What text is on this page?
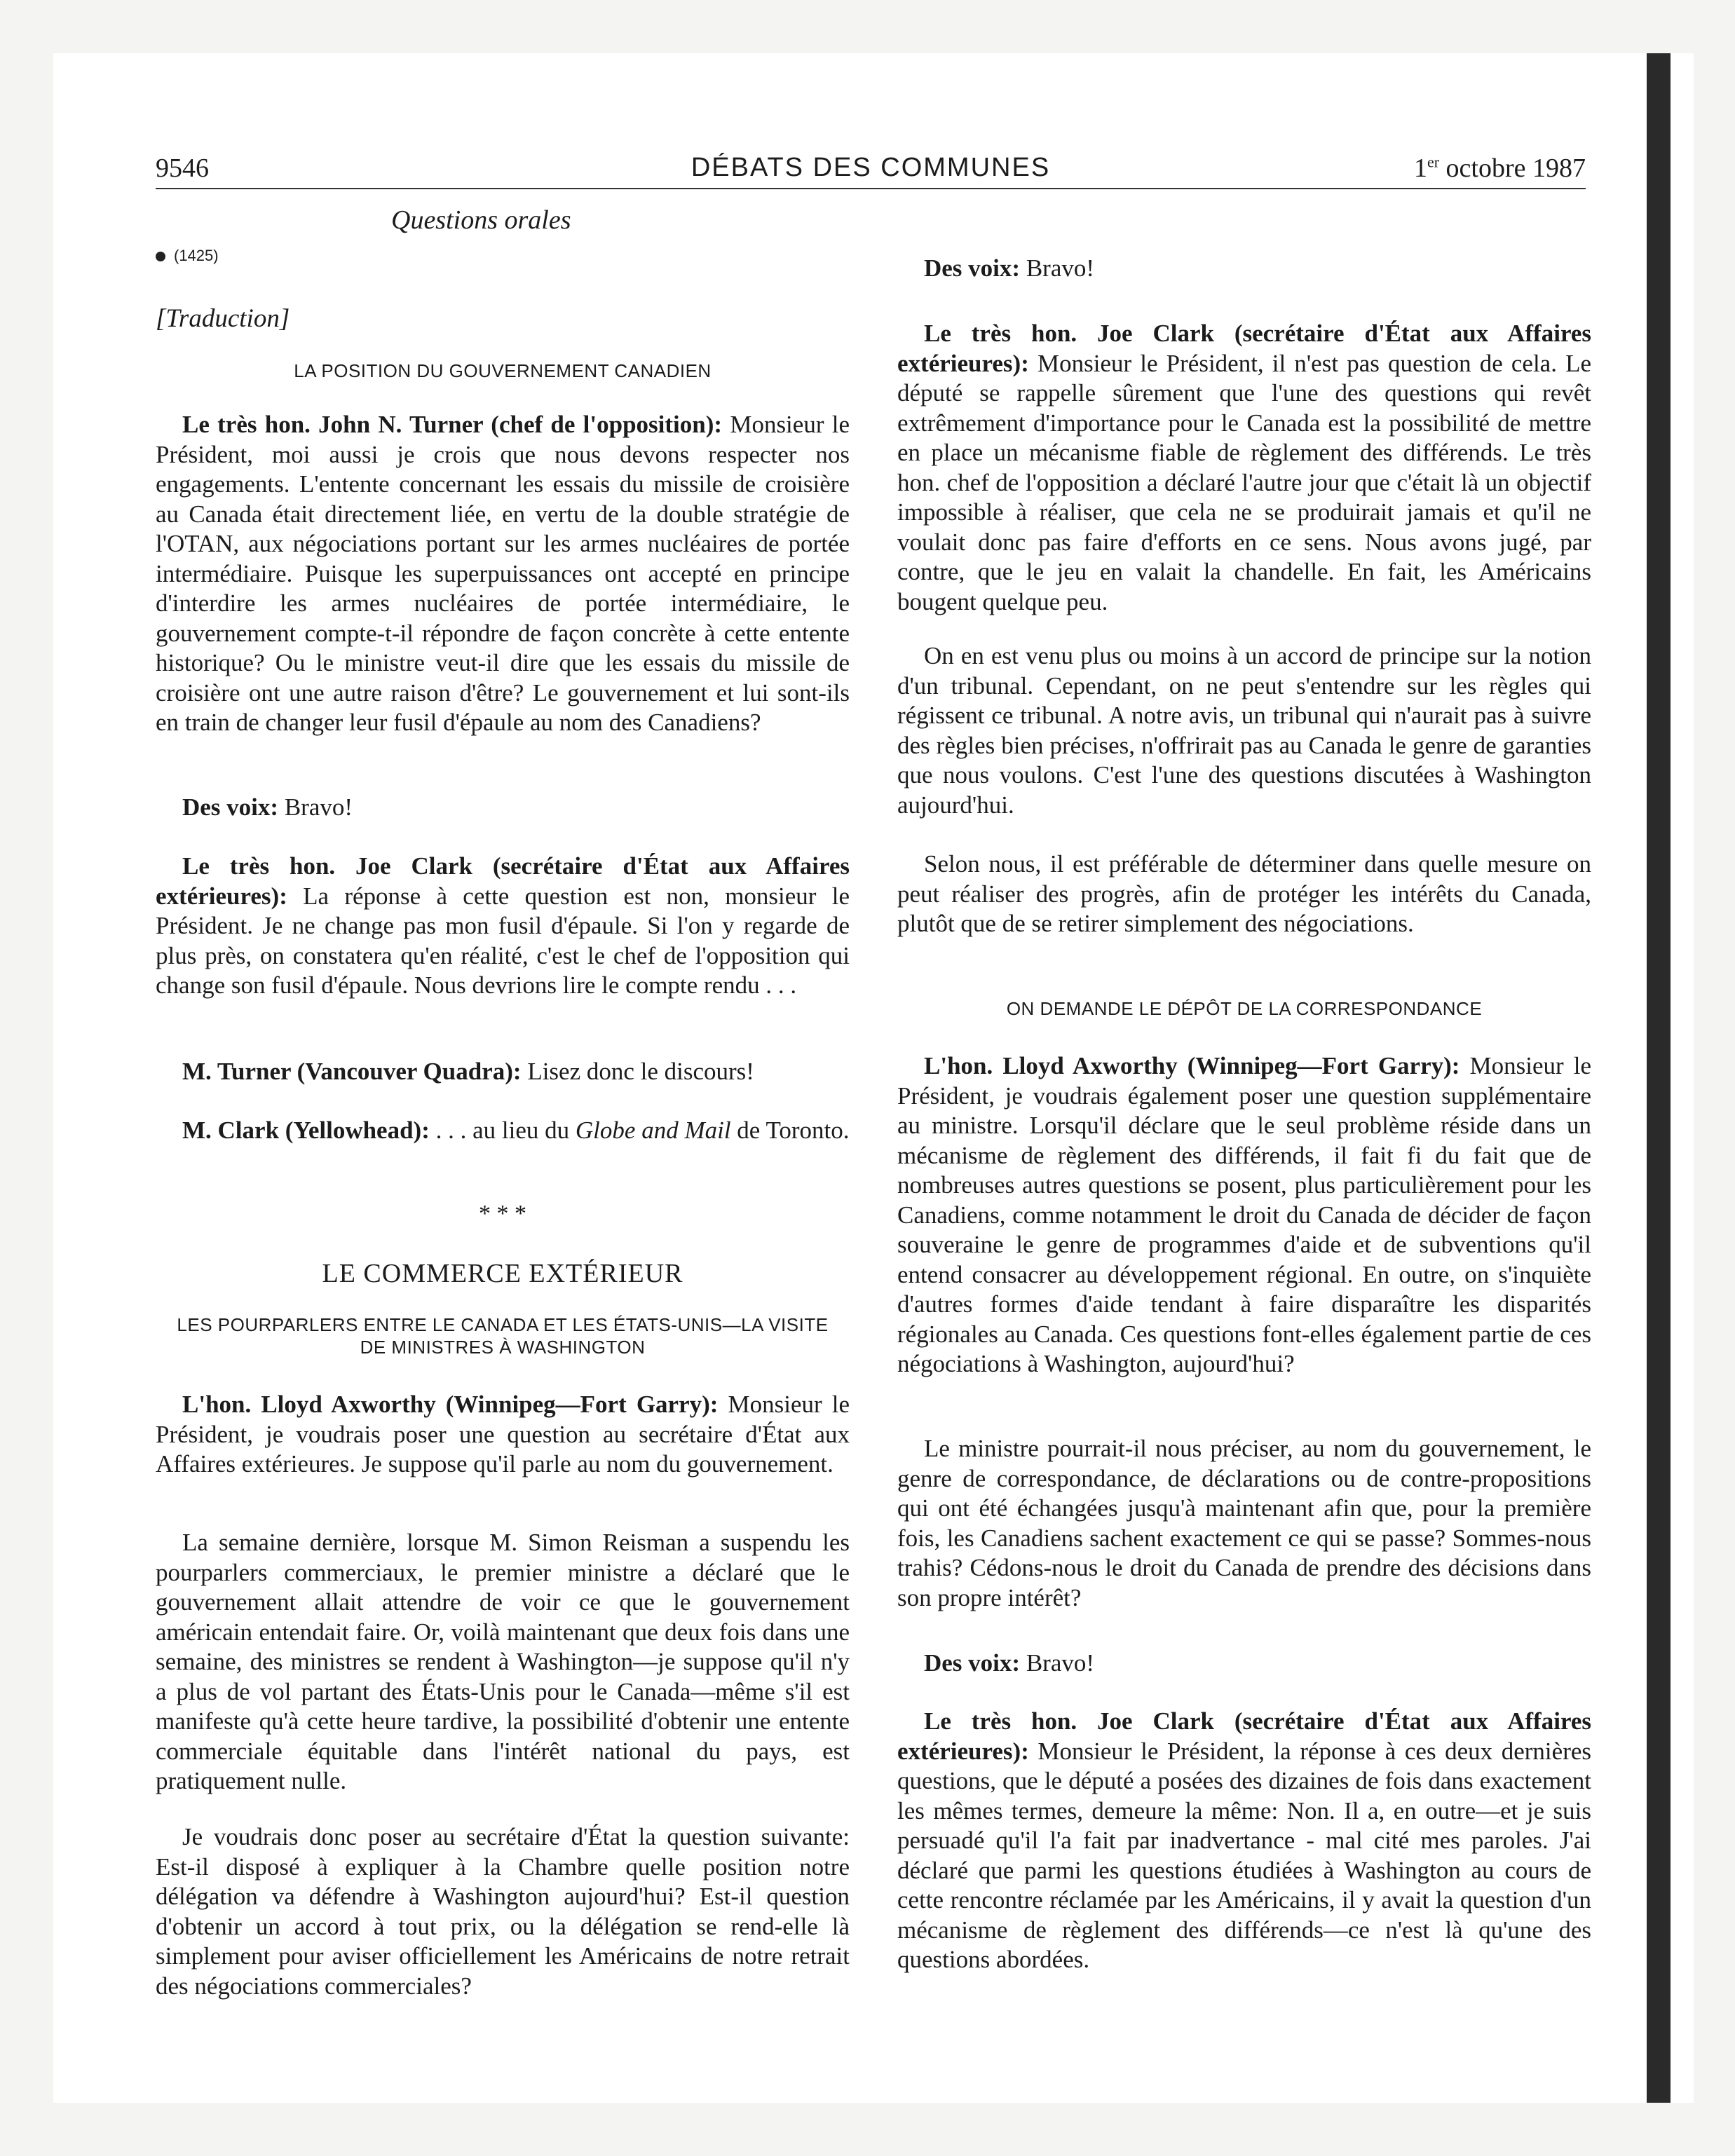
9546	DÉBATS DES COMMUNES	1er octobre 1987
Questions orales
(1425)
[Traduction]
LA POSITION DU GOUVERNEMENT CANADIEN

Le très hon. John N. Turner (chef de l'opposition): Monsieur le Président, moi aussi je crois que nous devons respecter nos engagements. L'entente concernant les essais du missile de croisière au Canada était directement liée, en vertu de la double stratégie de l'OTAN, aux négociations portant sur les armes nucléaires de portée intermédiaire. Puisque les superpuissances ont accepté en principe d'interdire les armes nucléaires de portée intermédiaire, le gouvernement compte-t-il répondre de façon concrète à cette entente historique? Ou le ministre veut-il dire que les essais du missile de croisière ont une autre raison d'être? Le gouvernement et lui sont-ils en train de changer leur fusil d'épaule au nom des Canadiens?

Des voix: Bravo!

Le très hon. Joe Clark (secrétaire d'État aux Affaires extérieures): La réponse à cette question est non, monsieur le Président. Je ne change pas mon fusil d'épaule. Si l'on y regarde de plus près, on constatera qu'en réalité, c'est le chef de l'opposition qui change son fusil d'épaule. Nous devrions lire le compte rendu . . .

M. Turner (Vancouver Quadra): Lisez donc le discours!

M. Clark (Yellowhead): . . . au lieu du Globe and Mail de Toronto.

* * *
LE COMMERCE EXTÉRIEUR
LES POURPARLERS ENTRE LE CANADA ET LES ÉTATS-UNIS—LA VISITE DE MINISTRES À WASHINGTON

L'hon. Lloyd Axworthy (Winnipeg—Fort Garry): Monsieur le Président, je voudrais poser une question au secrétaire d'État aux Affaires extérieures. Je suppose qu'il parle au nom du gouvernement.

La semaine dernière, lorsque M. Simon Reisman a suspendu les pourparlers commerciaux, le premier ministre a déclaré que le gouvernement allait attendre de voir ce que le gouvernement américain entendait faire. Or, voilà maintenant que deux fois dans une semaine, des ministres se rendent à Washington—je suppose qu'il n'y a plus de vol partant des États-Unis pour le Canada—même s'il est manifeste qu'à cette heure tardive, la possibilité d'obtenir une entente commerciale équitable dans l'intérêt national du pays, est pratiquement nulle.

Je voudrais donc poser au secrétaire d'État la question suivante: Est-il disposé à expliquer à la Chambre quelle position notre délégation va défendre à Washington aujourd'hui? Est-il question d'obtenir un accord à tout prix, ou la délégation se rend-elle là simplement pour aviser officiellement les Américains de notre retrait des négociations commerciales?

Des voix: Bravo!

Le très hon. Joe Clark (secrétaire d'État aux Affaires extérieures): Monsieur le Président, il n'est pas question de cela. Le député se rappelle sûrement que l'une des questions qui revêt extrêmement d'importance pour le Canada est la possibilité de mettre en place un mécanisme fiable de règlement des différends. Le très hon. chef de l'opposition a déclaré l'autre jour que c'était là un objectif impossible à réaliser, que cela ne se produirait jamais et qu'il ne voulait donc pas faire d'efforts en ce sens. Nous avons jugé, par contre, que le jeu en valait la chandelle. En fait, les Américains bougent quelque peu.

On en est venu plus ou moins à un accord de principe sur la notion d'un tribunal. Cependant, on ne peut s'entendre sur les règles qui régissent ce tribunal. A notre avis, un tribunal qui n'aurait pas à suivre des règles bien précises, n'offrirait pas au Canada le genre de garanties que nous voulons. C'est l'une des questions discutées à Washington aujourd'hui.

Selon nous, il est préférable de déterminer dans quelle mesure on peut réaliser des progrès, afin de protéger les intérêts du Canada, plutôt que de se retirer simplement des négociations.

ON DEMANDE LE DÉPÔT DE LA CORRESPONDANCE

L'hon. Lloyd Axworthy (Winnipeg—Fort Garry): Monsieur le Président, je voudrais également poser une question supplémentaire au ministre. Lorsqu'il déclare que le seul problème réside dans un mécanisme de règlement des différends, il fait fi du fait que de nombreuses autres questions se posent, plus particulièrement pour les Canadiens, comme notamment le droit du Canada de décider de façon souveraine le genre de programmes d'aide et de subventions qu'il entend consacrer au développement régional. En outre, on s'inquiète d'autres formes d'aide tendant à faire disparaître les disparités régionales au Canada. Ces questions font-elles également partie de ces négociations à Washington, aujourd'hui?

Le ministre pourrait-il nous préciser, au nom du gouvernement, le genre de correspondance, de déclarations ou de contre-propositions qui ont été échangées jusqu'à maintenant afin que, pour la première fois, les Canadiens sachent exactement ce qui se passe? Sommes-nous trahis? Cédons-nous le droit du Canada de prendre des décisions dans son propre intérêt?

Des voix: Bravo!

Le très hon. Joe Clark (secrétaire d'État aux Affaires extérieures): Monsieur le Président, la réponse à ces deux dernières questions, que le député a posées des dizaines de fois dans exactement les mêmes termes, demeure la même: Non. Il a, en outre—et je suis persuadé qu'il l'a fait par inadvertance - mal cité mes paroles. J'ai déclaré que parmi les questions étudiées à Washington au cours de cette rencontre réclamée par les Américains, il y avait la question d'un mécanisme de règlement des différends—ce n'est là qu'une des questions abordées.
